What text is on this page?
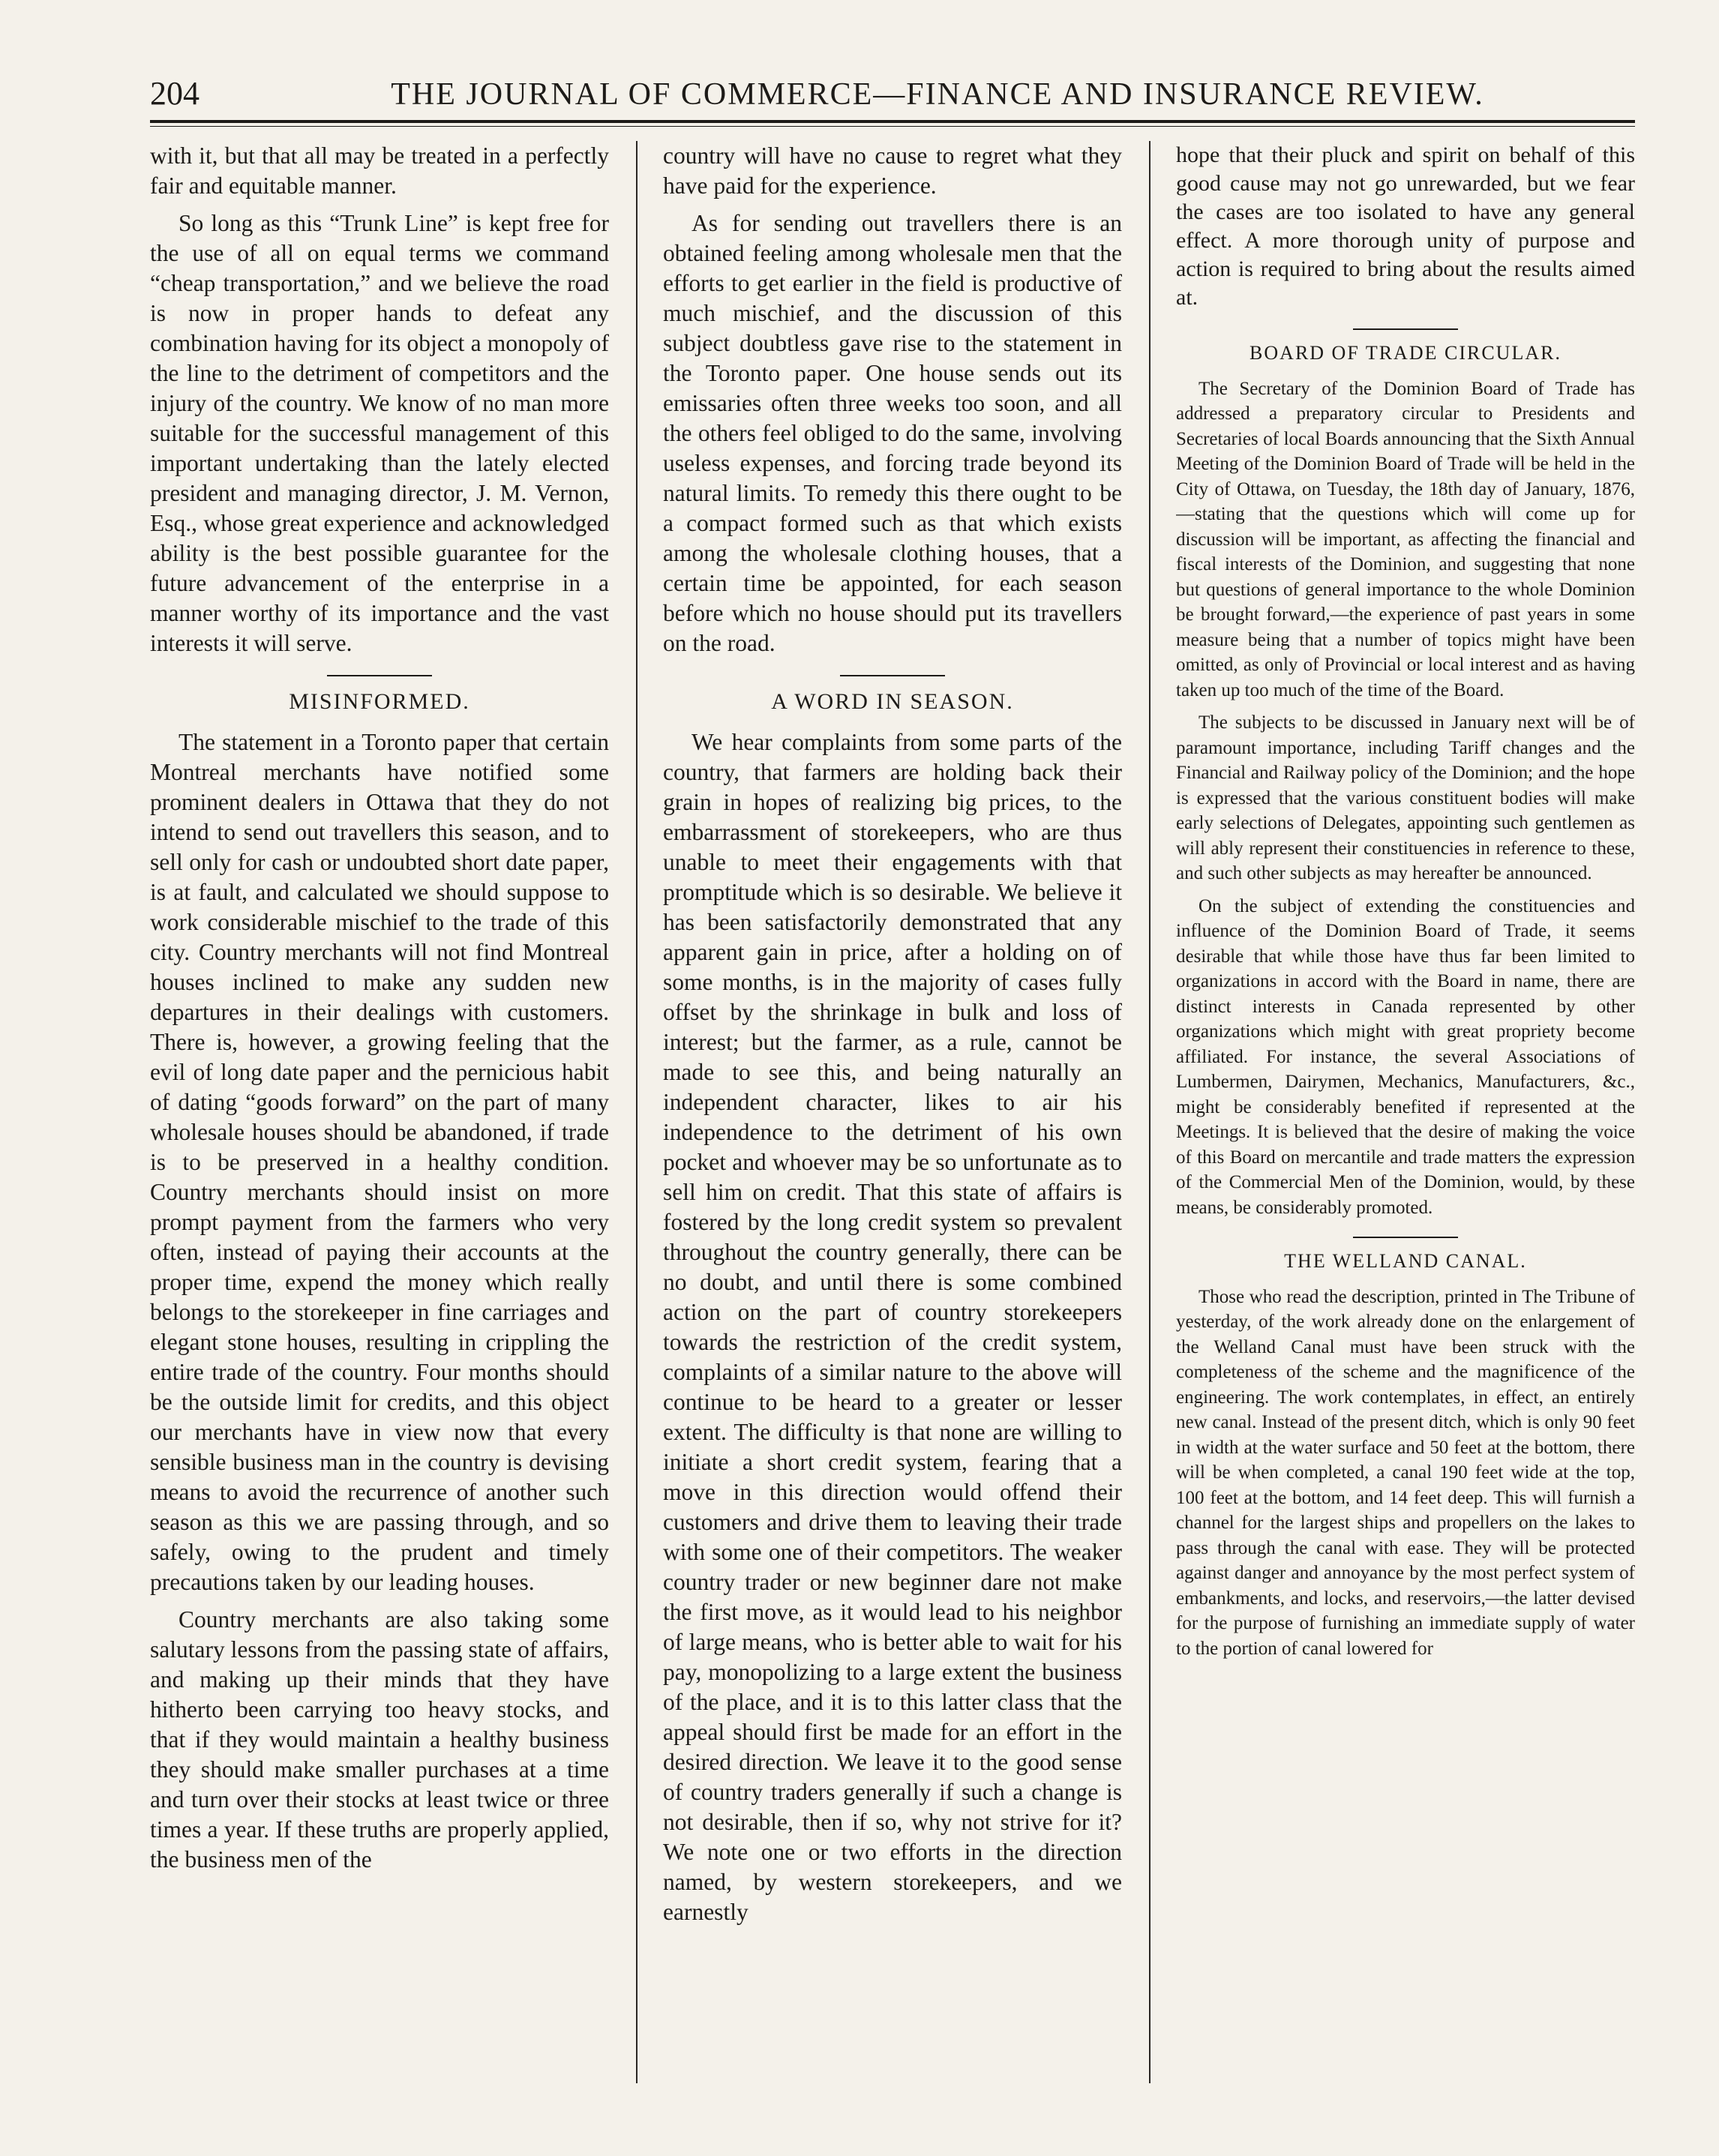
204	THE JOURNAL OF COMMERCE—FINANCE AND INSURANCE REVIEW.

with it, but that all may be treated in a perfectly fair and equitable manner.

So long as this “Trunk Line” is kept free for the use of all on equal terms we command “cheap transportation,” and we believe the road is now in proper hands to defeat any combination having for its object a monopoly of the line to the detriment of competitors and the injury of the country. We know of no man more suitable for the successful management of this important undertaking than the lately elected president and managing director, J. M. Vernon, Esq., whose great experience and acknowledged ability is the best possible guarantee for the future advancement of the enterprise in a manner worthy of its importance and the vast interests it will serve.

MISINFORMED.

The statement in a Toronto paper that certain Montreal merchants have notified some prominent dealers in Ottawa that they do not intend to send out travellers this season, and to sell only for cash or undoubted short date paper, is at fault, and calculated we should suppose to work considerable mischief to the trade of this city. Country merchants will not find Montreal houses inclined to make any sudden new departures in their dealings with customers. There is, however, a growing feeling that the evil of long date paper and the pernicious habit of dating “goods forward” on the part of many wholesale houses should be abandoned, if trade is to be preserved in a healthy condition. Country merchants should insist on more prompt payment from the farmers who very often, instead of paying their accounts at the proper time, expend the money which really belongs to the storekeeper in fine carriages and elegant stone houses, resulting in crippling the entire trade of the country. Four months should be the outside limit for credits, and this object our merchants have in view now that every sensible business man in the country is devising means to avoid the recurrence of another such season as this we are passing through, and so safely, owing to the prudent and timely precautions taken by our leading houses.

Country merchants are also taking some salutary lessons from the passing state of affairs, and making up their minds that they have hitherto been carrying too heavy stocks, and that if they would maintain a healthy business they should make smaller purchases at a time and turn over their stocks at least twice or three times a year. If these truths are properly applied, the business men of the

country will have no cause to regret what they have paid for the experience.

As for sending out travellers there is an obtained feeling among wholesale men that the efforts to get earlier in the field is productive of much mischief, and the discussion of this subject doubtless gave rise to the statement in the Toronto paper. One house sends out its emissaries often three weeks too soon, and all the others feel obliged to do the same, involving useless expenses, and forcing trade beyond its natural limits. To remedy this there ought to be a compact formed such as that which exists among the wholesale clothing houses, that a certain time be appointed, for each season before which no house should put its travellers on the road.

A WORD IN SEASON.

We hear complaints from some parts of the country, that farmers are holding back their grain in hopes of realizing big prices, to the embarrassment of storekeepers, who are thus unable to meet their engagements with that promptitude which is so desirable. We believe it has been satisfactorily demonstrated that any apparent gain in price, after a holding on of some months, is in the majority of cases fully offset by the shrinkage in bulk and loss of interest; but the farmer, as a rule, cannot be made to see this, and being naturally an independent character, likes to air his independence to the detriment of his own pocket and whoever may be so unfortunate as to sell him on credit. That this state of affairs is fostered by the long credit system so prevalent throughout the country generally, there can be no doubt, and until there is some combined action on the part of country storekeepers towards the restriction of the credit system, complaints of a similar nature to the above will continue to be heard to a greater or lesser extent. The difficulty is that none are willing to initiate a short credit system, fearing that a move in this direction would offend their customers and drive them to leaving their trade with some one of their competitors. The weaker country trader or new beginner dare not make the first move, as it would lead to his neighbor of large means, who is better able to wait for his pay, monopolizing to a large extent the business of the place, and it is to this latter class that the appeal should first be made for an effort in the desired direction. We leave it to the good sense of country traders generally if such a change is not desirable, then if so, why not strive for it? We note one or two efforts in the direction named, by western storekeepers, and we earnestly

hope that their pluck and spirit on behalf of this good cause may not go unrewarded, but we fear the cases are too isolated to have any general effect. A more thorough unity of purpose and action is required to bring about the results aimed at.

BOARD OF TRADE CIRCULAR.

The Secretary of the Dominion Board of Trade has addressed a preparatory circular to Presidents and Secretaries of local Boards announcing that the Sixth Annual Meeting of the Dominion Board of Trade will be held in the City of Ottawa, on Tuesday, the 18th day of January, 1876,—stating that the questions which will come up for discussion will be important, as affecting the financial and fiscal interests of the Dominion, and suggesting that none but questions of general importance to the whole Dominion be brought forward,—the experience of past years in some measure being that a number of topics might have been omitted, as only of Provincial or local interest and as having taken up too much of the time of the Board.

The subjects to be discussed in January next will be of paramount importance, including Tariff changes and the Financial and Railway policy of the Dominion; and the hope is expressed that the various constituent bodies will make early selections of Delegates, appointing such gentlemen as will ably represent their constituencies in reference to these, and such other subjects as may hereafter be announced.

On the subject of extending the constituencies and influence of the Dominion Board of Trade, it seems desirable that while those have thus far been limited to organizations in accord with the Board in name, there are distinct interests in Canada represented by other organizations which might with great propriety become affiliated. For instance, the several Associations of Lumbermen, Dairymen, Mechanics, Manufacturers, &c., might be considerably benefited if represented at the Meetings. It is believed that the desire of making the voice of this Board on mercantile and trade matters the expression of the Commercial Men of the Dominion, would, by these means, be considerably promoted.

THE WELLAND CANAL.

Those who read the description, printed in The Tribune of yesterday, of the work already done on the enlargement of the Welland Canal must have been struck with the completeness of the scheme and the magnificence of the engineering. The work contemplates, in effect, an entirely new canal. Instead of the present ditch, which is only 90 feet in width at the water surface and 50 feet at the bottom, there will be when completed, a canal 190 feet wide at the top, 100 feet at the bottom, and 14 feet deep. This will furnish a channel for the largest ships and propellers on the lakes to pass through the canal with ease. They will be protected against danger and annoyance by the most perfect system of embankments, and locks, and reservoirs,—the latter devised for the purpose of furnishing an immediate supply of water to the portion of canal lowered for
